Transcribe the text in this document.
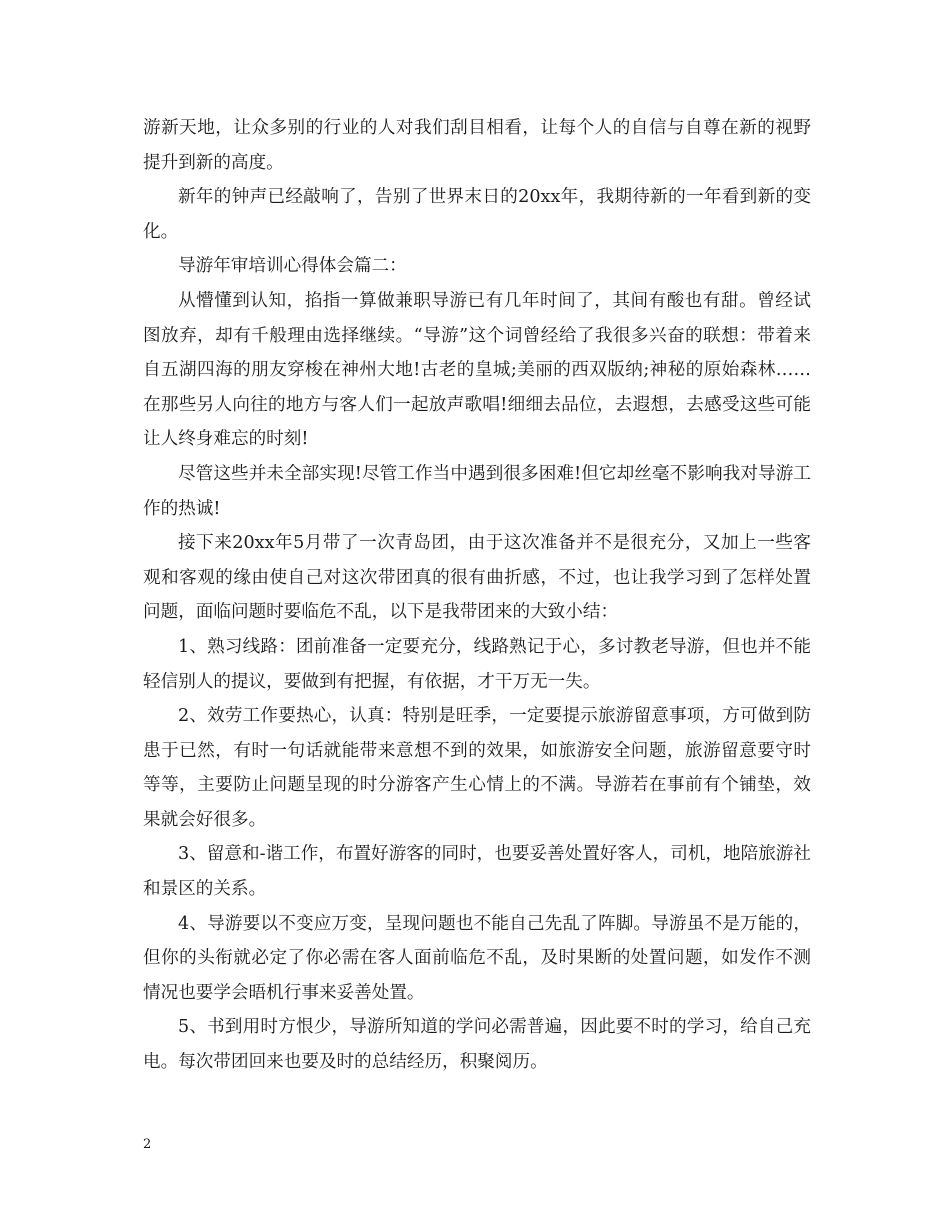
游新天地，让众多别的行业的人对我们刮目相看，让每个人的自信与自尊在新的视野提升到新的高度。

新年的钟声已经敲响了，告别了世界末日的20xx年，我期待新的一年看到新的变化。

导游年审培训心得体会篇二：

从懵懂到认知，掐指一算做兼职导游已有几年时间了，其间有酸也有甜。曾经试图放弃，却有千般理由选择继续。“导游”这个词曾经给了我很多兴奋的联想：带着来自五湖四海的朋友穿梭在神州大地!古老的皇城;美丽的西双版纳;神秘的原始森林……在那些另人向往的地方与客人们一起放声歌唱!细细去品位，去遐想，去感受这些可能让人终身难忘的时刻!

尽管这些并未全部实现!尽管工作当中遇到很多困难!但它却丝毫不影响我对导游工作的热诚!

接下来20xx年5月带了一次青岛团，由于这次准备并不是很充分，又加上一些客观和客观的缘由使自己对这次带团真的很有曲折感，不过，也让我学习到了怎样处置问题，面临问题时要临危不乱，以下是我带团来的大致小结：

1、熟习线路：团前准备一定要充分，线路熟记于心，多讨教老导游，但也并不能轻信别人的提议，要做到有把握，有依据，才干万无一失。

2、效劳工作要热心，认真：特别是旺季，一定要提示旅游留意事项，方可做到防患于已然，有时一句话就能带来意想不到的效果，如旅游安全问题，旅游留意要守时等等，主要防止问题呈现的时分游客产生心情上的不满。导游若在事前有个铺垫，效果就会好很多。

3、留意和-谐工作，布置好游客的同时，也要妥善处置好客人，司机，地陪旅游社和景区的关系。

4、导游要以不变应万变，呈现问题也不能自己先乱了阵脚。导游虽不是万能的，但你的头衔就必定了你必需在客人面前临危不乱，及时果断的处置问题，如发作不测情况也要学会晤机行事来妥善处置。

5、书到用时方恨少，导游所知道的学问必需普遍，因此要不时的学习，给自己充电。每次带团回来也要及时的总结经历，积聚阅历。

2
